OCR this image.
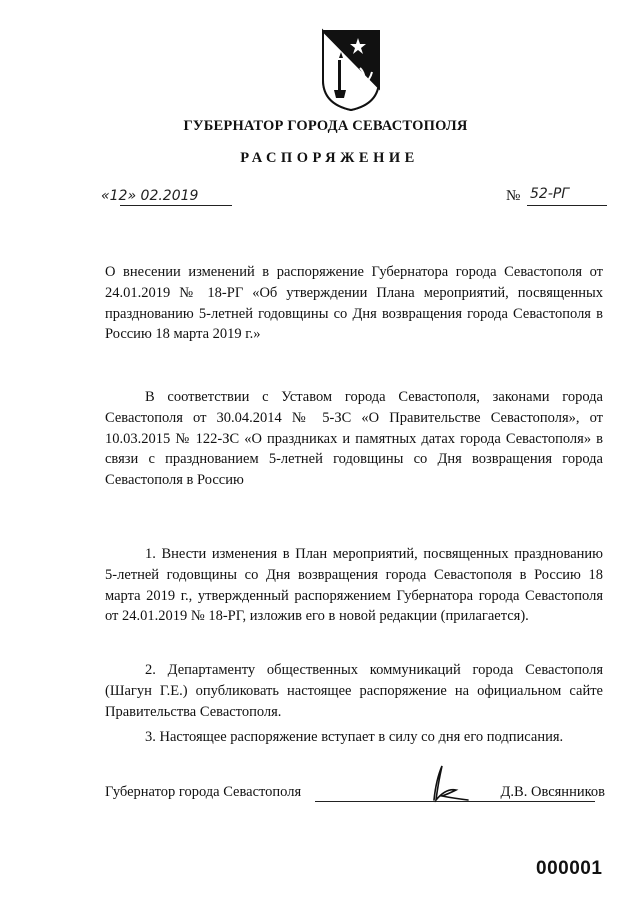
ГУБЕРНАТОР ГОРОДА СЕВАСТОПОЛЯ
РАСПОРЯЖЕНИЕ
«12» 02.2019	№ 52-РГ

О внесении изменений в распоряжение Губернатора города Севастополя от 24.01.2019 № 18-РГ «Об утверждении Плана мероприятий, посвященных празднованию 5-летней годовщины со Дня возвращения города Севастополя в Россию 18 марта 2019 г.»

В соответствии с Уставом города Севастополя, законами города Севастополя от 30.04.2014 № 5-ЗС «О Правительстве Севастополя», от 10.03.2015 № 122-ЗС «О праздниках и памятных датах города Севастополя» в связи с празднованием 5-летней годовщины со Дня возвращения города Севастополя в Россию

1. Внести изменения в План мероприятий, посвященных празднованию 5-летней годовщины со Дня возвращения города Севастополя в Россию 18 марта 2019 г., утвержденный распоряжением Губернатора города Севастополя от 24.01.2019 № 18-РГ, изложив его в новой редакции (прилагается).

2. Департаменту общественных коммуникаций города Севастополя (Шагун Г.Е.) опубликовать настоящее распоряжение на официальном сайте Правительства Севастополя.

3. Настоящее распоряжение вступает в силу со дня его подписания.

Губернатор города Севастополя	Д.В. Овсянников
000001
